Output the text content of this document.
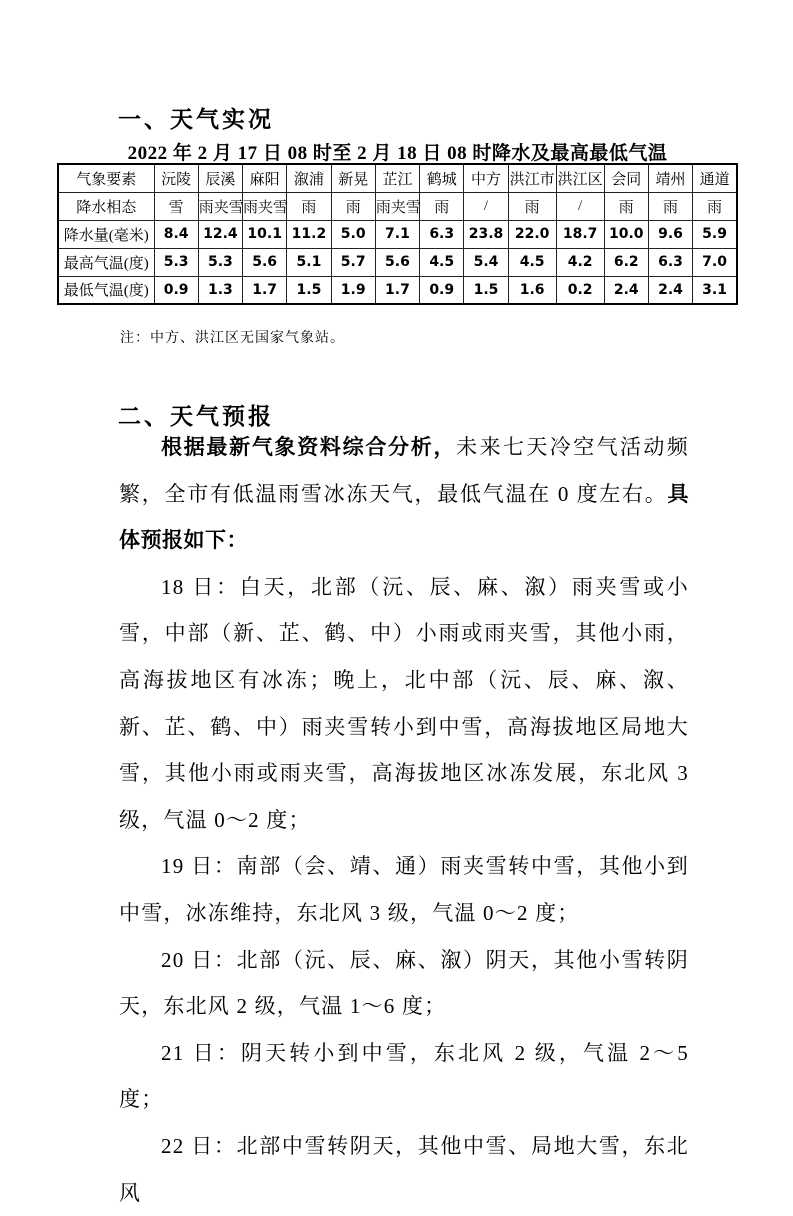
一、天气实况
2022 年 2 月 17 日 08 时至 2 月 18 日 08 时降水及最高最低气温
气象要素	沅陵	辰溪	麻阳	溆浦	新晃	芷江	鹤城	中方	洪江市	洪江区	会同	靖州	通道
降水相态	雪	雨夹雪	雨夹雪	雨	雨	雨夹雪	雨	/	雨	/	雨	雨	雨
降水量(毫米)	8.4	12.4	10.1	11.2	5.0	7.1	6.3	23.8	22.0	18.7	10.0	9.6	5.9
最高气温(度)	5.3	5.3	5.6	5.1	5.7	5.6	4.5	5.4	4.5	4.2	6.2	6.3	7.0
最低气温(度)	0.9	1.3	1.7	1.5	1.9	1.7	0.9	1.5	1.6	0.2	2.4	2.4	3.1
注：中方、洪江区无国家气象站。
二、天气预报

根据最新气象资料综合分析，未来七天冷空气活动频繁，全市有低温雨雪冰冻天气，最低气温在 0 度左右。具体预报如下：

18 日：白天，北部（沅、辰、麻、溆）雨夹雪或小雪，中部（新、芷、鹤、中）小雨或雨夹雪，其他小雨，高海拔地区有冰冻；晚上，北中部（沅、辰、麻、溆、新、芷、鹤、中）雨夹雪转小到中雪，高海拔地区局地大雪，其他小雨或雨夹雪，高海拔地区冰冻发展，东北风 3 级，气温 0～2 度；

19 日：南部（会、靖、通）雨夹雪转中雪，其他小到中雪，冰冻维持，东北风 3 级，气温 0～2 度；

20 日：北部（沅、辰、麻、溆）阴天，其他小雪转阴天，东北风 2 级，气温 1～6 度；

21 日：阴天转小到中雪，东北风 2 级，气温 2～5 度；

22 日：北部中雪转阴天，其他中雪、局地大雪，东北风
